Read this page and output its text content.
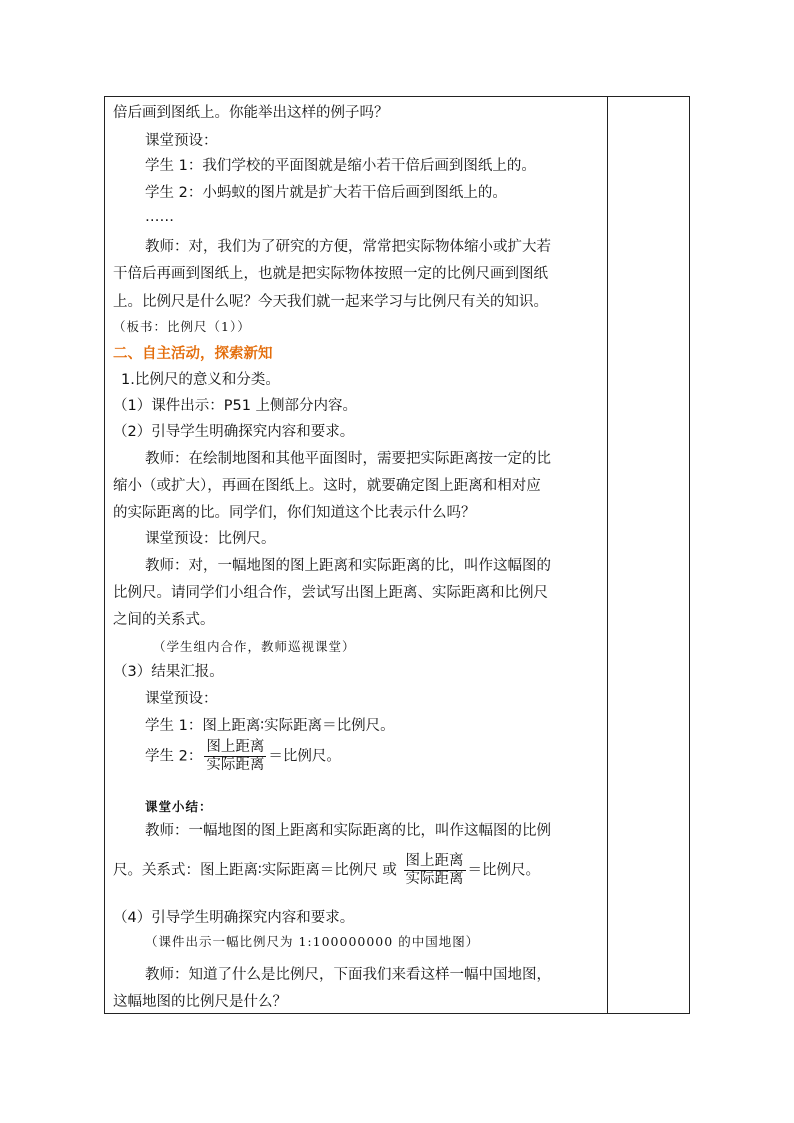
倍后画到图纸上。你能举出这样的例子吗？
课堂预设：
学生 1：我们学校的平面图就是缩小若干倍后画到图纸上的。
学生 2：小蚂蚁的图片就是扩大若干倍后画到图纸上的。
……
教师：对，我们为了研究的方便，常常把实际物体缩小或扩大若
干倍后再画到图纸上，也就是把实际物体按照一定的比例尺画到图纸
上。比例尺是什么呢？今天我们就一起来学习与比例尺有关的知识。
（板书：比例尺（1））
二、自主活动，探索新知
1.比例尺的意义和分类。
（1）课件出示：P51 上侧部分内容。
（2）引导学生明确探究内容和要求。
教师：在绘制地图和其他平面图时，需要把实际距离按一定的比
缩小（或扩大），再画在图纸上。这时，就要确定图上距离和相对应
的实际距离的比。同学们，你们知道这个比表示什么吗？
课堂预设：比例尺。
教师：对，一幅地图的图上距离和实际距离的比，叫作这幅图的
比例尺。请同学们小组合作，尝试写出图上距离、实际距离和比例尺
之间的关系式。
（学生组内合作，教师巡视课堂）
（3）结果汇报。
课堂预设：
学生 1：图上距离∶实际距离＝比例尺。
学生 2： $\frac{\text{图上距离}}{\text{实际距离}}$ ＝比例尺。
课堂小结：
教师：一幅地图的图上距离和实际距离的比，叫作这幅图的比例
尺。关系式：图上距离∶实际距离＝比例尺 或 $\frac{\text{图上距离}}{\text{实际距离}}$ ＝比例尺。
（4）引导学生明确探究内容和要求。
（课件出示一幅比例尺为 1:100000000 的中国地图）
教师：知道了什么是比例尺，下面我们来看这样一幅中国地图，
这幅地图的比例尺是什么？
